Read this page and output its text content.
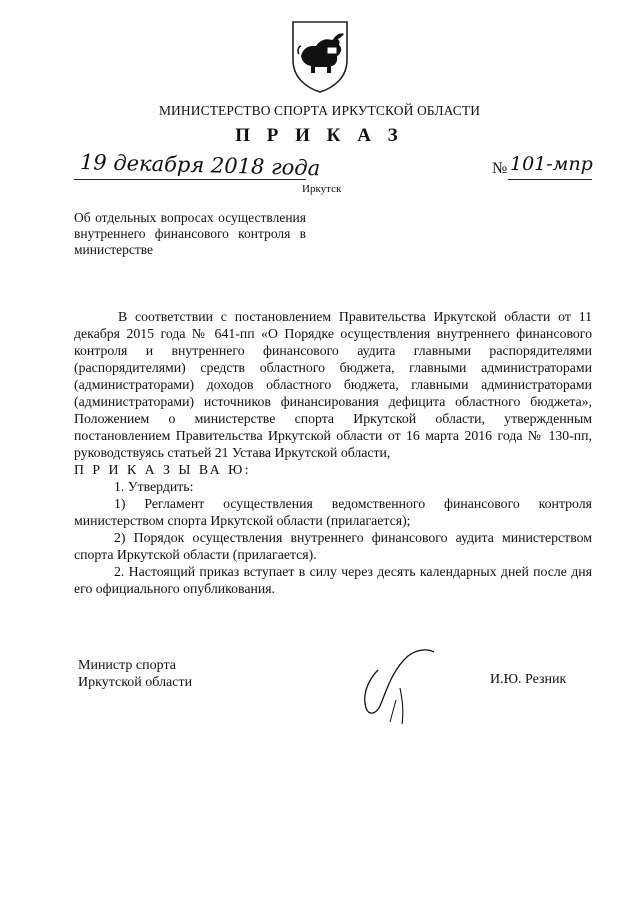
МИНИСТЕРСТВО СПОРТА ИРКУТСКОЙ ОБЛАСТИ
П Р И К А З
19 декабря 2018 года	№ 101-мпр
Иркутск
Об отдельных вопросах осуществления внутреннего финансового контроля в министерстве

В соответствии с постановлением Правительства Иркутской области от 11 декабря 2015 года № 641-пп «О Порядке осуществления внутреннего финансового контроля и внутреннего финансового аудита главными распорядителями (распорядителями) средств областного бюджета, главными администраторами (администраторами) доходов областного бюджета, главными администраторами (администраторами) источников финансирования дефицита областного бюджета», Положением о министерстве спорта Иркутской области, утвержденным постановлением Правительства Иркутской области от 16 марта 2016 года № 130-пп, руководствуясь статьей 21 Устава Иркутской области,

П Р И К А З Ы ВА Ю:

1. Утвердить:

1) Регламент осуществления ведомственного финансового контроля министерством спорта Иркутской области (прилагается);

2) Порядок осуществления внутреннего финансового аудита министерством спорта Иркутской области (прилагается).

2. Настоящий приказ вступает в силу через десять календарных дней после дня его официального опубликования.

Министр спорта
Иркутской области	И.Ю. Резник
